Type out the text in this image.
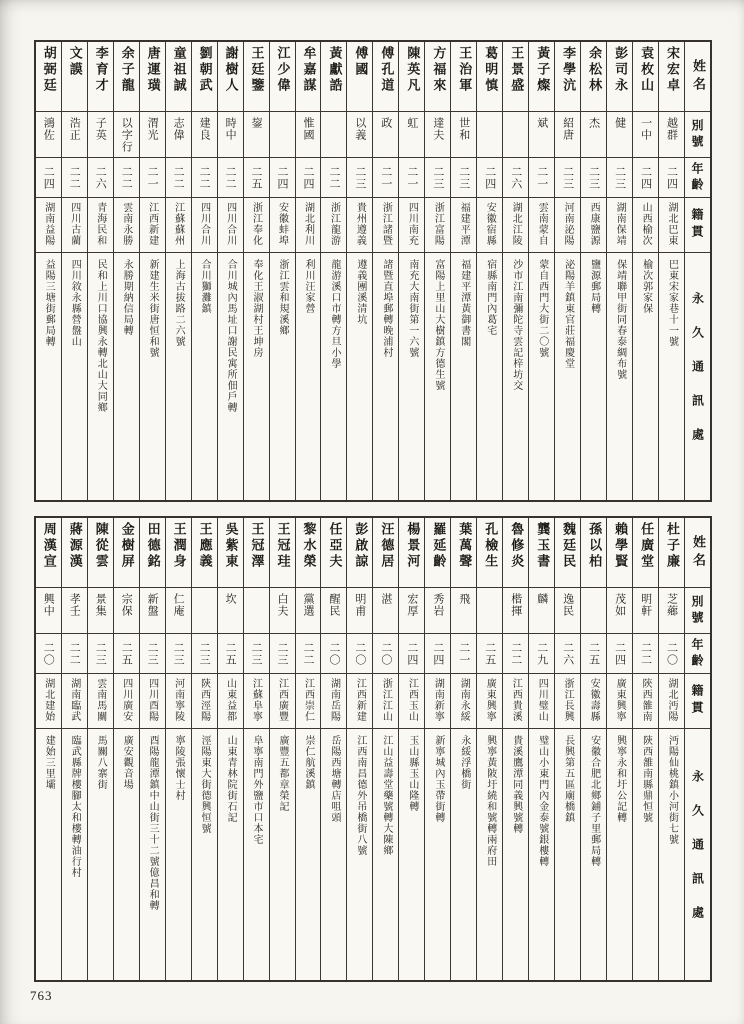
姓名
別號
年齡
籍貫
永久通訊處
宋宏卓
越群
二四
湖北巴東
巴東宋家巷十一號
袁枚山
一中
二四
山西榆次
榆次郭家保
彭司永
健
二三
湖南保靖
保靖聯甲街同春泰綢布號
余松林
杰
二三
西康鹽源
鹽源郵局轉
李學沆
紹唐
二三
河南泌陽
泌陽羊鎮東官莊福慶堂
黃子燦
斌
二一
雲南蒙自
蒙自西門大街二〇號
王景盛
二六
湖北江陵
沙市江南彌陀寺雲記梓坊交
葛明慎
二四
安徽宿縣
宿縣南門內葛宅
王治軍
世和
二三
福建平潭
福建平潭黃御書閣
方福來
達夫
二三
浙江富陽
富陽上里山大樹鎮方德生號
陳英凡
虹
二一
四川南充
南充大南街第一六號
傅孔道
政
二一
浙江諸暨
諸暨直埠郵轉晚浦村
傅國
以義
二三
貴州遵義
遵義團溪清坑
黃獻誥
二二
浙江龍游
龍游溪口市轉方旦小學
牟嘉謀
惟國
二四
湖北利川
利川汪家營
江少偉
二四
安徽蚌埠
浙江雲和規溪鄉
王廷鑒
鋆
二五
浙江奉化
奉化王淑湖村王坤房
謝樹人
時中
二二
四川合川
合川城內馬址口謝民寓所佃戶轉
劉朝武
建良
二二
四川合川
合川獅灘鎮
童祖誠
志偉
二二
江蘇蘇州
上海古拔路二六號
唐運璜
渭光
二一
江西新建
新建生米街唐恒和號
余子龍
以字行
二二
雲南永勝
永勝期納信局轉
李育才
子英
二六
青海民和
民和上川口協興永轉北山大同鄉
文謨
浩正
二二
四川古藺
四川敘永縣營盤山
胡弼廷
鴻佐
二四
湖南益陽
益陽三塘街郵局轉
姓名
別號
年齡
籍貫
永久通訊處
杜子廉
芝薌
二〇
湖北沔陽
沔陽仙桃鎮小河街七號
任廣堂
明軒
二二
陝西雒南
陝西雒南縣鼎恒號
賴學賢
茂如
二四
廣東興寧
興寧永和圩公記轉
孫以柏
二五
安徽壽縣
安徽合肥北鄉鋪子里郵局轉
魏廷民
逸民
二六
浙江長興
長興第五區廟橋鎮
龔玉書
麟
二九
四川璧山
璧山小東門內金泰號銀樓轉
魯修炎
楷揮
二二
江西貴溪
貴溪鷹潭同義興號轉
孔檢生
二五
廣東興寧
興寧黃陂圩繞和號轉兩府田
葉萬聲
飛
二一
湖南永綏
永綏浮橋街
羅延齡
秀岩
二四
湖南新寧
新寧城內玉帶街轉
楊景河
宏厚
二四
江西玉山
玉山縣玉山隆轉
汪德居
湛
二〇
浙江江山
江山益壽堂藥號轉大陳鄉
彭啟諒
明甫
二〇
江西新建
江西南昌德外吊橋街八號
任亞夫
醒民
二〇
湖南岳陽
岳陽西塘轉店咀頭
黎水榮
黨選
二二
江西崇仁
崇仁航溪鎮
王冠珪
白夫
二三
江西廣豐
廣豐五都章榮記
王冠澤
二三
江蘇阜寧
阜寧南門外鹽市口本宅
吳紫東
坎
二五
山東益都
山東青林院街石記
王應義
二三
陝西涇陽
涇陽東大街德興恒號
王潤身
仁庵
二三
河南寧陵
寧陵張懷士村
田德銘
新盤
二三
四川酉陽
酉陽龍潭鎮中山街三十二號億昌和轉
金樹屏
宗保
二五
四川廣安
廣安觀音場
陳從雲
景集
二三
雲南馬關
馬關八寨街
蔣源漢
孝壬
二二
湖南臨武
臨武縣牌樓腳太和樓轉油行村
周漢宣
興中
二〇
湖北建始
建始三里壩
763
